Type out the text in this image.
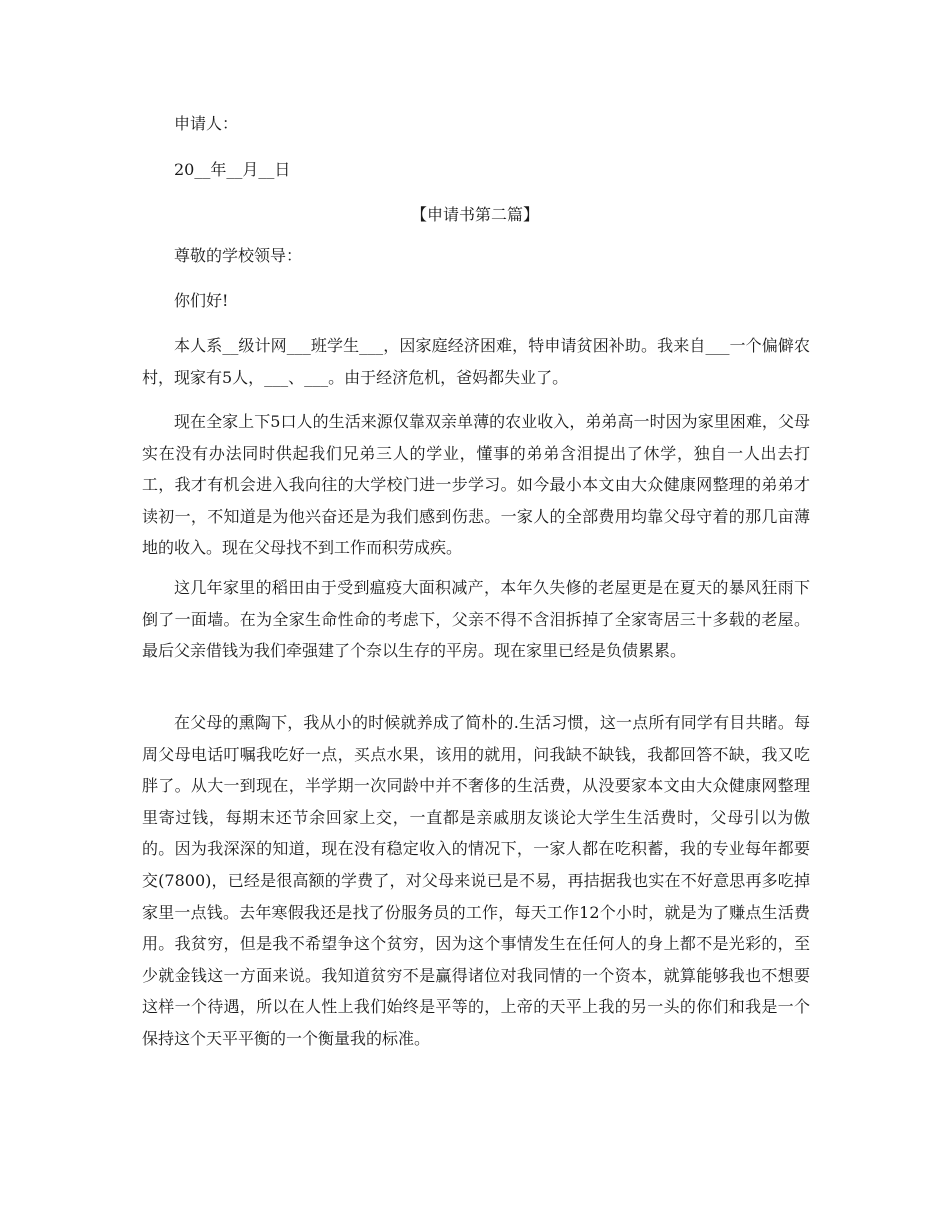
申请人：
20__年__月__日
【申请书第二篇】
尊敬的学校领导：
你们好!

本人系__级计网___班学生___，因家庭经济困难，特申请贫困补助。我来自___一个偏僻农村，现家有5人，___、___。由于经济危机，爸妈都失业了。

现在全家上下5口人的生活来源仅靠双亲单薄的农业收入，弟弟高一时因为家里困难，父母实在没有办法同时供起我们兄弟三人的学业，懂事的弟弟含泪提出了休学，独自一人出去打工，我才有机会进入我向往的大学校门进一步学习。如今最小本文由大众健康网整理的弟弟才读初一，不知道是为他兴奋还是为我们感到伤悲。一家人的全部费用均靠父母守着的那几亩薄地的收入。现在父母找不到工作而积劳成疾。

这几年家里的稻田由于受到瘟疫大面积减产，本年久失修的老屋更是在夏天的暴风狂雨下倒了一面墙。在为全家生命性命的考虑下，父亲不得不含泪拆掉了全家寄居三十多载的老屋。最后父亲借钱为我们牵强建了个奈以生存的平房。现在家里已经是负债累累。

在父母的熏陶下，我从小的时候就养成了简朴的.生活习惯，这一点所有同学有目共睹。每周父母电话叮嘱我吃好一点，买点水果，该用的就用，问我缺不缺钱，我都回答不缺，我又吃胖了。从大一到现在，半学期一次同龄中并不奢侈的生活费，从没要家本文由大众健康网整理里寄过钱，每期末还节余回家上交，一直都是亲戚朋友谈论大学生生活费时，父母引以为傲的。因为我深深的知道，现在没有稳定收入的情况下，一家人都在吃积蓄，我的专业每年都要交(7800)，已经是很高额的学费了，对父母来说已是不易，再拮据我也实在不好意思再多吃掉家里一点钱。去年寒假我还是找了份服务员的工作，每天工作12个小时，就是为了赚点生活费用。我贫穷，但是我不希望争这个贫穷，因为这个事情发生在任何人的身上都不是光彩的，至少就金钱这一方面来说。我知道贫穷不是赢得诸位对我同情的一个资本，就算能够我也不想要这样一个待遇，所以在人性上我们始终是平等的，上帝的天平上我的另一头的你们和我是一个保持这个天平平衡的一个衡量我的标准。
